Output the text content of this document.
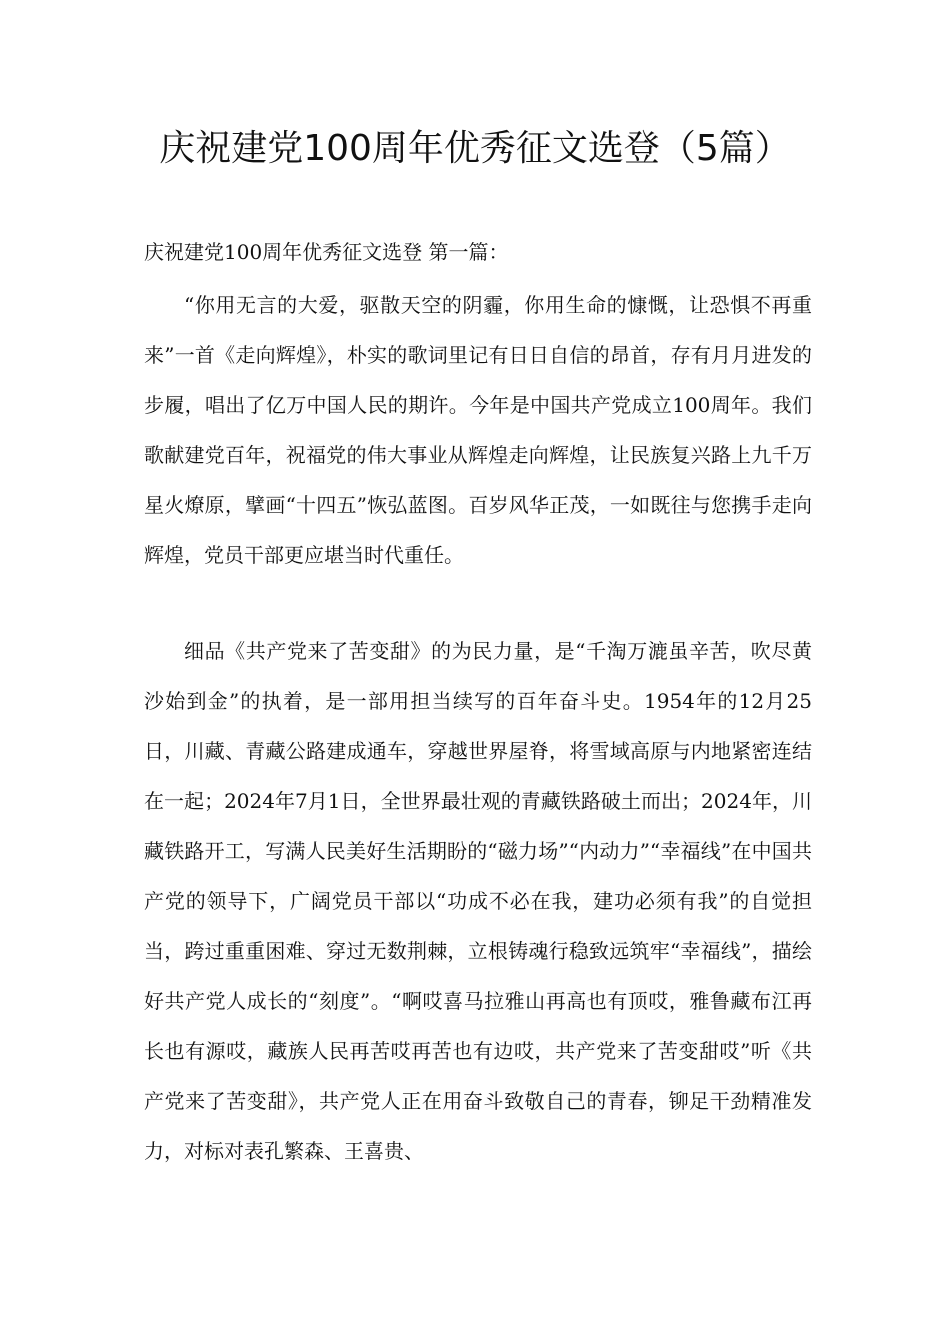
庆祝建党100周年优秀征文选登（5篇）

庆祝建党100周年优秀征文选登 第一篇：

“你用无言的大爱，驱散天空的阴霾，你用生命的慷慨，让恐惧不再重来”一首《走向辉煌》，朴实的歌词里记有日日自信的昂首，存有月月进发的步履，唱出了亿万中国人民的期许。今年是中国共产党成立100周年。我们歌献建党百年，祝福党的伟大事业从辉煌走向辉煌，让民族复兴路上九千万星火燎原，擘画“十四五”恢弘蓝图。百岁风华正茂，一如既往与您携手走向辉煌，党员干部更应堪当时代重任。

细品《共产党来了苦变甜》的为民力量，是“千淘万漉虽辛苦，吹尽黄沙始到金”的执着，是一部用担当续写的百年奋斗史。1954年的12月25日，川藏、青藏公路建成通车，穿越世界屋脊，将雪域高原与内地紧密连结在一起；2024年7月1日，全世界最壮观的青藏铁路破土而出；2024年，川藏铁路开工，写满人民美好生活期盼的“磁力场”“内动力”“幸福线”在中国共产党的领导下，广阔党员干部以“功成不必在我，建功必须有我”的自觉担当，跨过重重困难、穿过无数荆棘，立根铸魂行稳致远筑牢“幸福线”，描绘好共产党人成长的“刻度”。“啊哎喜马拉雅山再高也有顶哎，雅鲁藏布江再长也有源哎，藏族人民再苦哎再苦也有边哎，共产党来了苦变甜哎”听《共产党来了苦变甜》，共产党人正在用奋斗致敬自己的青春，铆足干劲精准发力，对标对表孔繁森、王喜贵、
